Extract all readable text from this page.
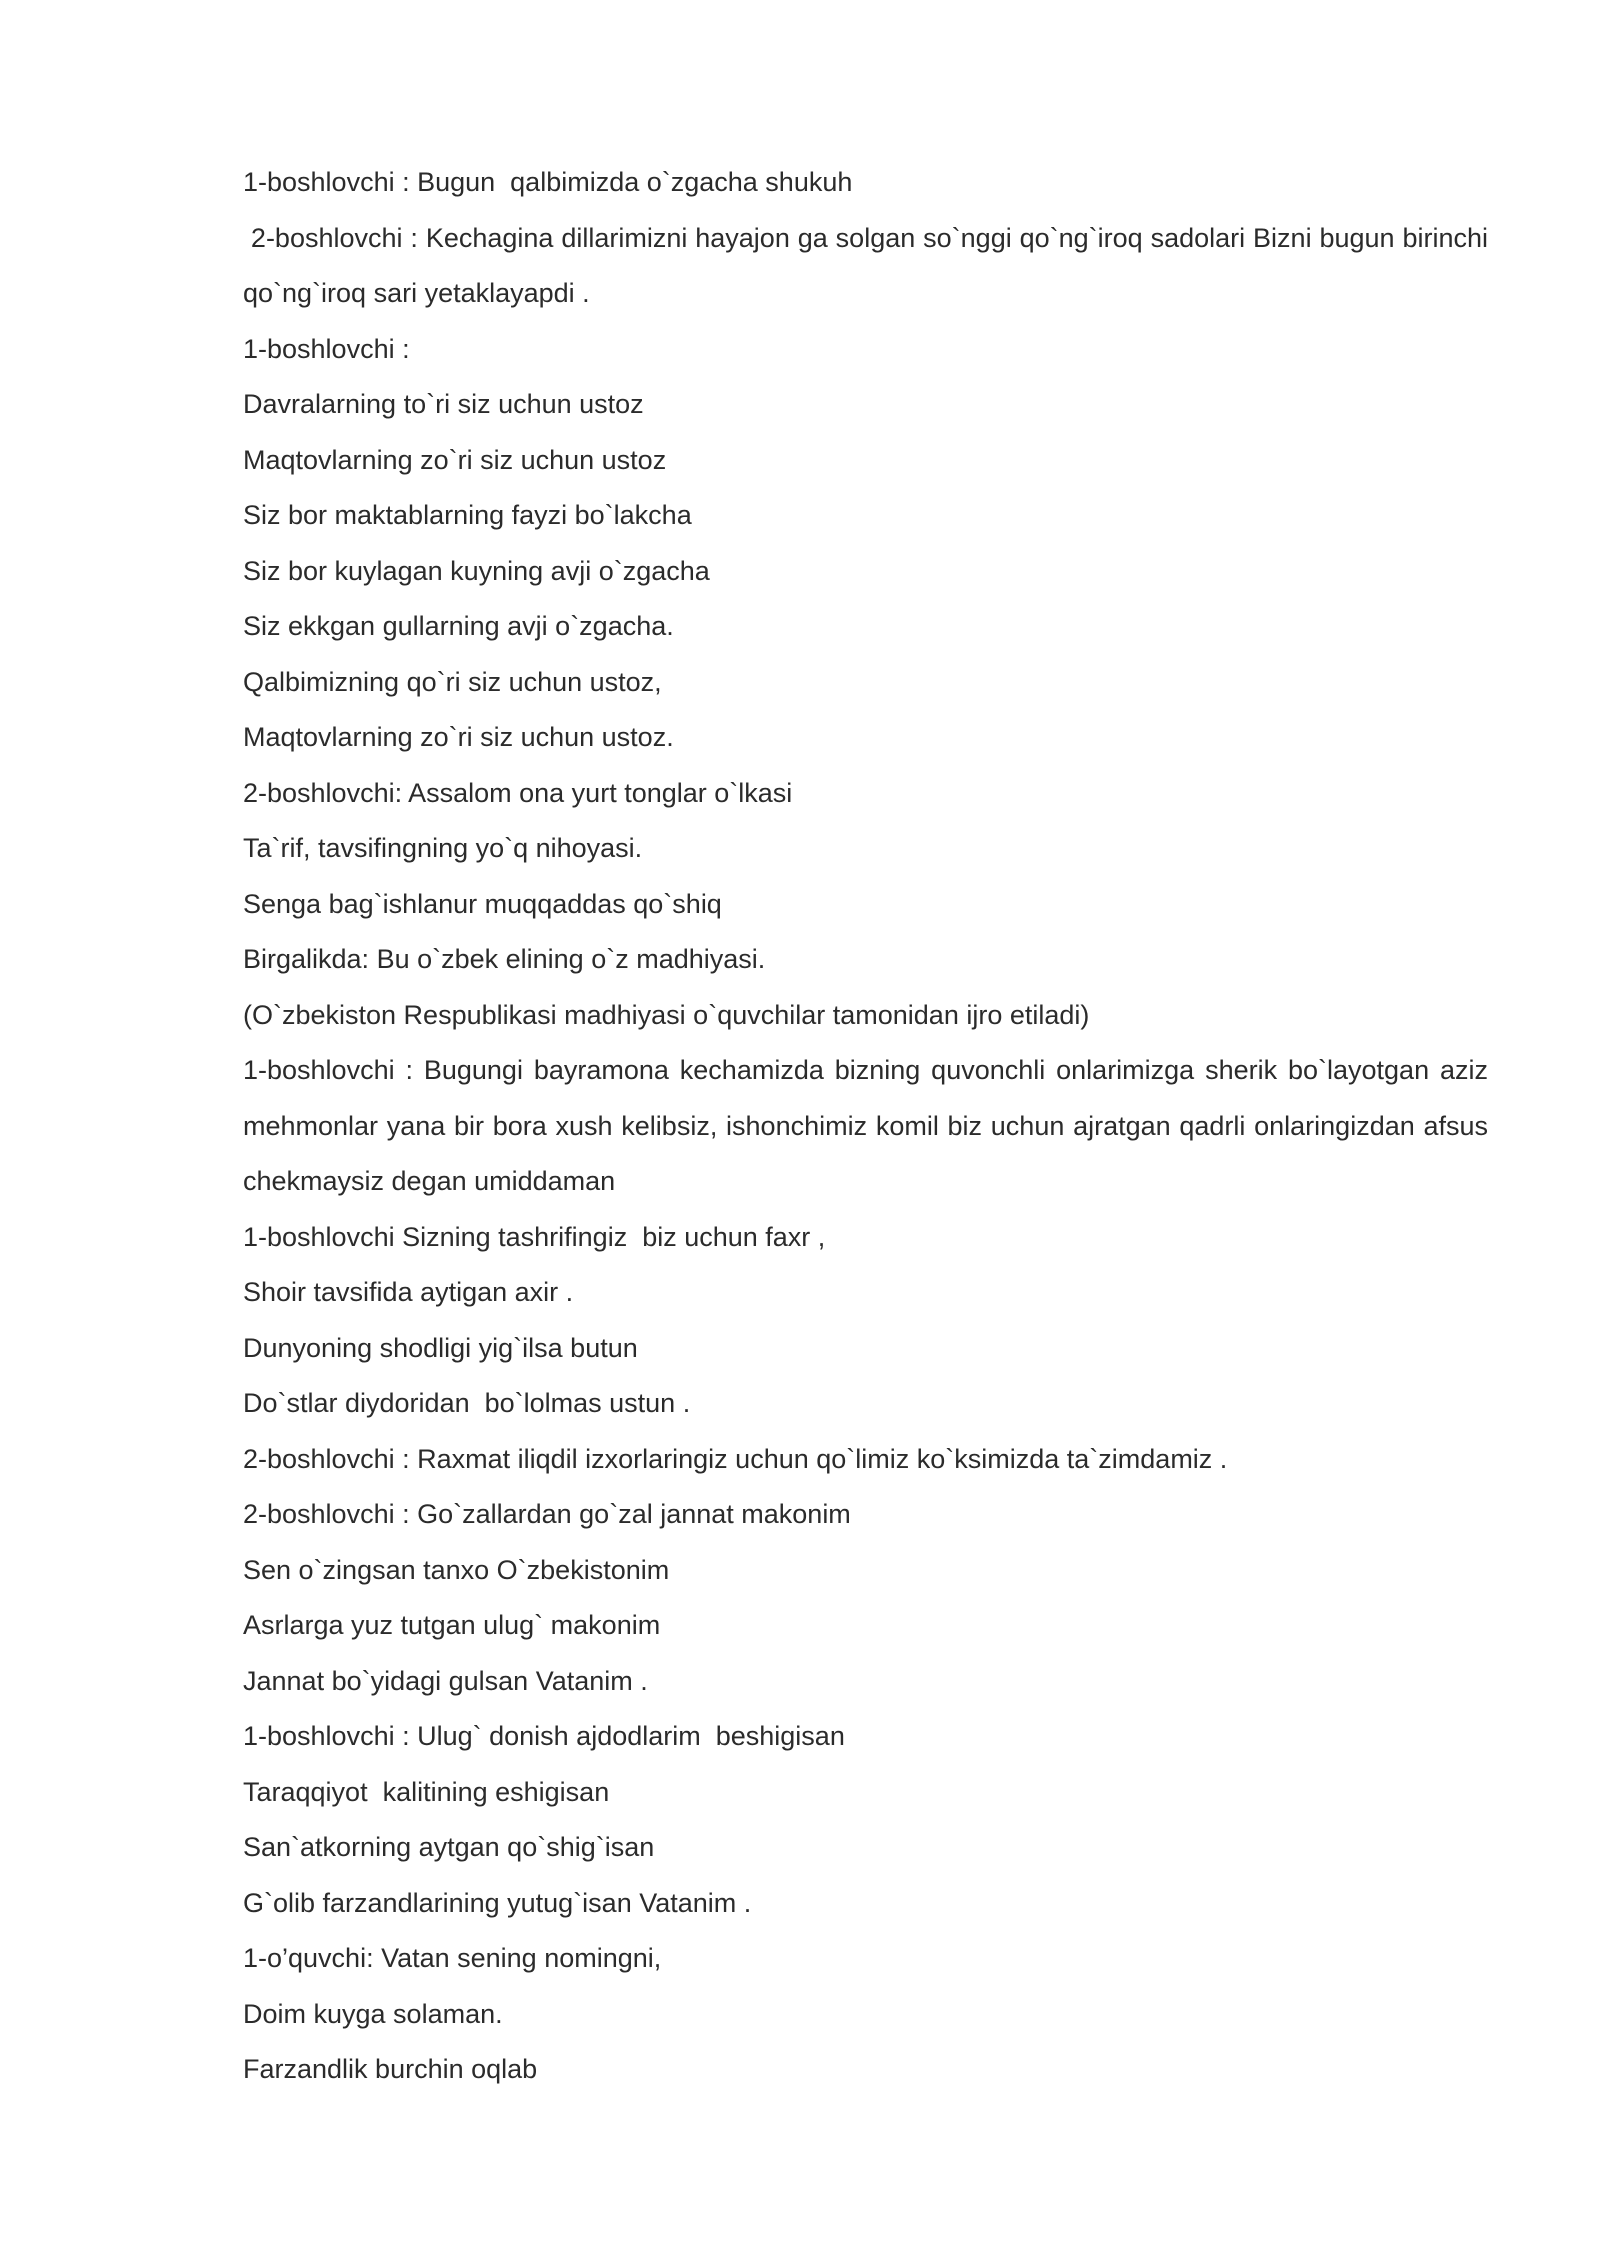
1-boshlovchi : Bugun  qalbimizda o`zgacha shukuh

2-boshlovchi : Kechagina dillarimizni hayajon ga solgan so`nggi qo`ng`iroq sadolari Bizni bugun birinchi qo`ng`iroq sari yetaklayapdi .

1-boshlovchi :

Davralarning to`ri siz uchun ustoz

Maqtovlarning zo`ri siz uchun ustoz

Siz bor maktablarning fayzi bo`lakcha

Siz bor kuylagan kuyning avji o`zgacha

Siz ekkgan gullarning avji o`zgacha.

Qalbimizning qo`ri siz uchun ustoz,

Maqtovlarning zo`ri siz uchun ustoz.

2-boshlovchi: Assalom ona yurt tonglar o`lkasi

Ta`rif, tavsifingning yo`q nihoyasi.

Senga bag`ishlanur muqqaddas qo`shiq

Birgalikda: Bu o`zbek elining o`z madhiyasi.

(O`zbekiston Respublikasi madhiyasi o`quvchilar tamonidan ijro etiladi)

1-boshlovchi : Bugungi bayramona kechamizda bizning quvonchli onlarimizga sherik bo`layotgan aziz mehmonlar yana bir bora xush kelibsiz, ishonchimiz komil biz uchun ajratgan qadrli onlaringizdan afsus chekmaysiz degan umiddaman

1-boshlovchi Sizning tashrifingiz  biz uchun faxr ,

Shoir tavsifida aytigan axir .

Dunyoning shodligi yig`ilsa butun

Do`stlar diydoridan  bo`lolmas ustun .

2-boshlovchi : Raxmat iliqdil izxorlaringiz uchun qo`limiz ko`ksimizda ta`zimdamiz .

2-boshlovchi : Go`zallardan go`zal jannat makonim

Sen o`zingsan tanxo O`zbekistonim

Asrlarga yuz tutgan ulug` makonim

Jannat bo`yidagi gulsan Vatanim .

1-boshlovchi : Ulug` donish ajdodlarim  beshigisan

Taraqqiyot  kalitining eshigisan

San`atkorning aytgan qo`shig`isan

G`olib farzandlarining yutug`isan Vatanim .

1-o’quvchi: Vatan sening nomingni,

Doim kuyga solaman.

Farzandlik burchin oqlab
